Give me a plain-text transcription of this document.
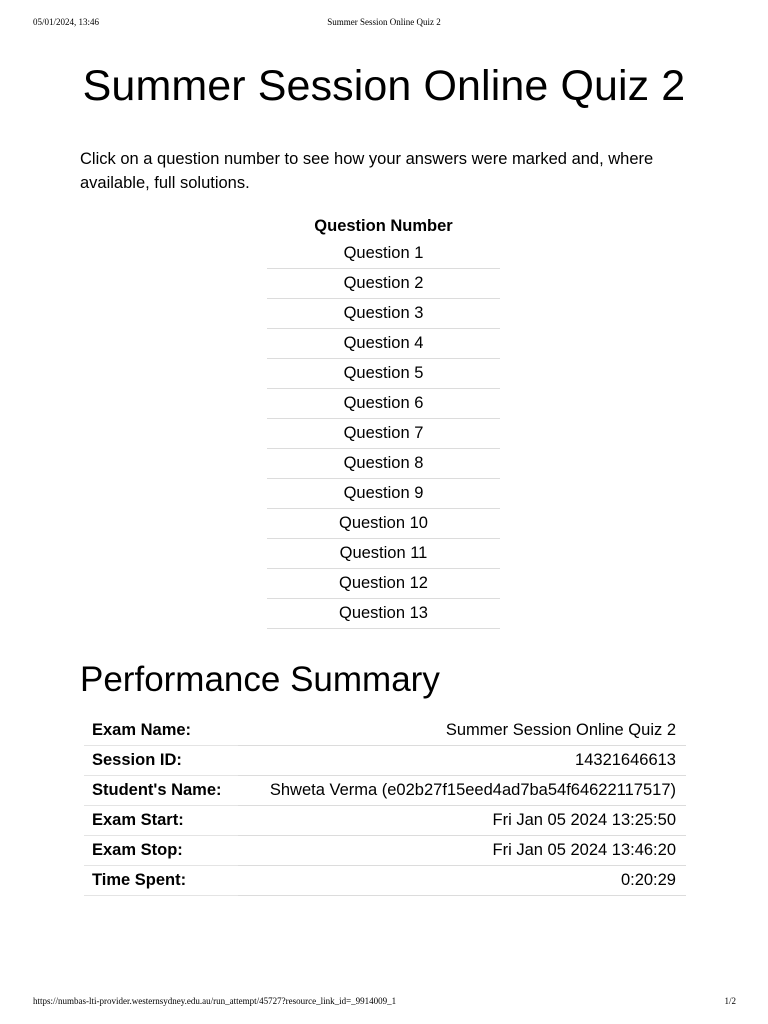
05/01/2024, 13:46	Summer Session Online Quiz 2
Summer Session Online Quiz 2

Click on a question number to see how your answers were marked and, where available, full solutions.

Question Number
Question 1
Question 2
Question 3
Question 4
Question 5
Question 6
Question 7
Question 8
Question 9
Question 10
Question 11
Question 12
Question 13
Performance Summary
Exam Name:	Summer Session Online Quiz 2
Session ID:	14321646613
Student's Name:	Shweta Verma (e02b27f15eed4ad7ba54f64622117517)
Exam Start:	Fri Jan 05 2024 13:25:50
Exam Stop:	Fri Jan 05 2024 13:46:20
Time Spent:	0:20:29
https://numbas-lti-provider.westernsydney.edu.au/run_attempt/45727?resource_link_id=_9914009_1	1/2
